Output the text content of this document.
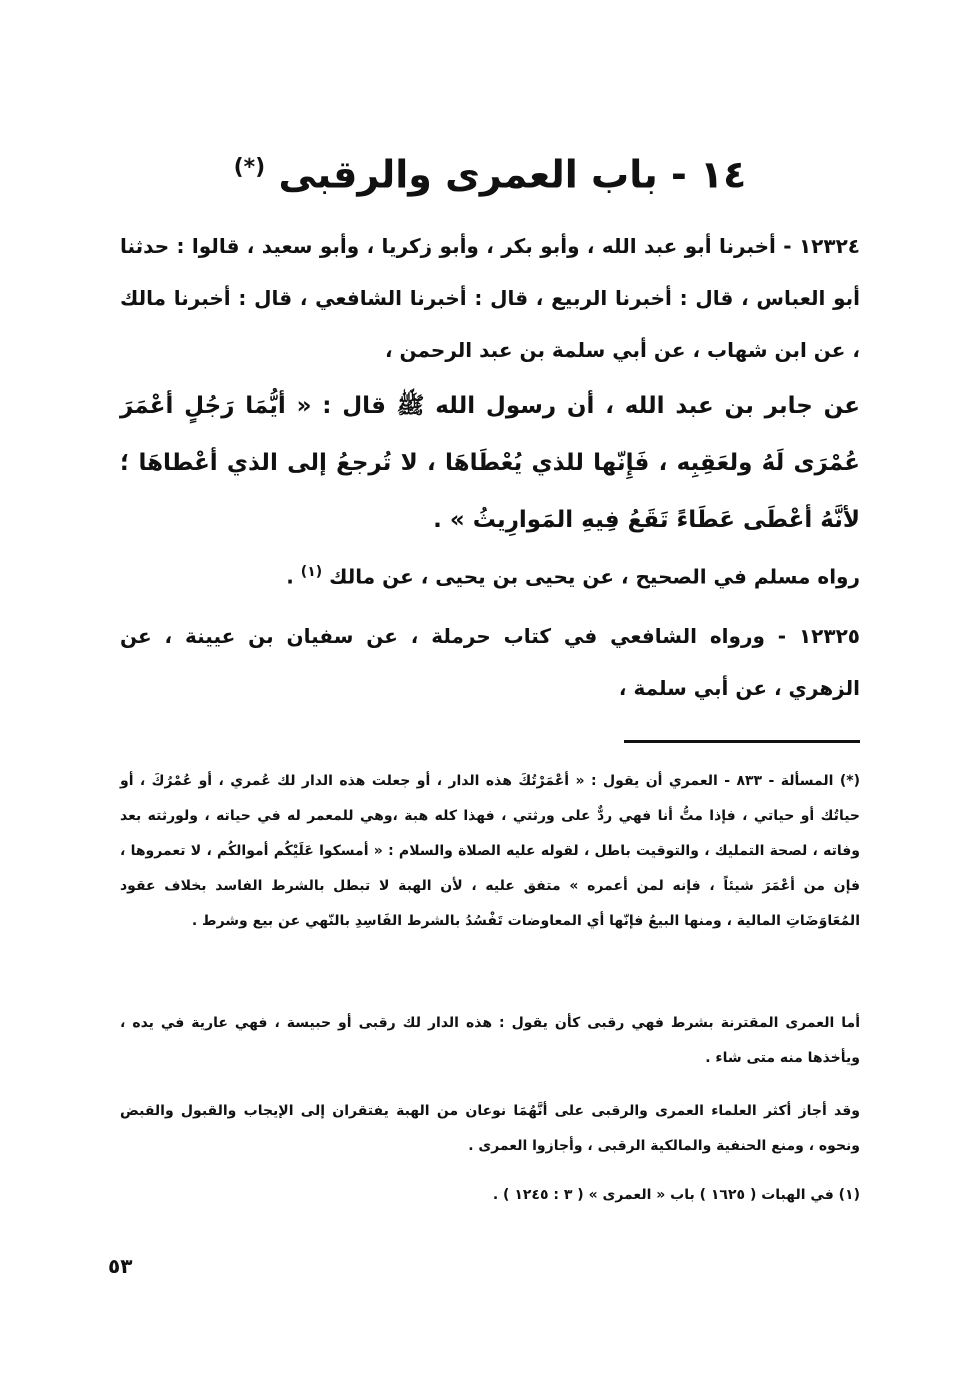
١٤ - باب العمرى والرقبى (*)

١٢٣٢٤ - أخبرنا أبو عبد الله ، وأبو بكر ، وأبو زكريا ، وأبو سعيد ، قالوا : حدثنا أبو العباس ، قال : أخبرنا الربيع ، قال : أخبرنا الشافعي ، قال : أخبرنا مالك ، عن ابن شهاب ، عن أبي سلمة بن عبد الرحمن ،

عن جابر بن عبد الله ، أن رسول الله ﷺ قال : « أيُّمَا رَجُلٍ أعْمَرَ عُمْرَى لَهُ ولعَقِبِه ، فَإِنّها للذي يُعْطَاهَا ، لا تُرجعُ إلى الذي أعْطاهَا ؛ لأنَّهُ أعْطَى عَطَاءً تَقَعُ فِيهِ المَوارِيثُ » .

رواه مسلم في الصحيح ، عن يحيى بن يحيى ، عن مالك $^{(١)}$ .

١٢٣٢٥ - ورواه الشافعي في كتاب حرملة ، عن سفيان بن عيينة ، عن الزهري ، عن أبي سلمة ،

(*) المسألة - ٨٣٣ - العمري أن يقول : « أعْمَرْتُكَ هذه الدار ، أو جعلت هذه الدار لك عُمري ، أو عُمْرُكَ ، أو حياتُك أو حياتي ، فإذا متُّ أنا فهي ردٌّ على ورثتي ، فهذا كله هبة ،وهي للمعمر له في حياته ، ولورثته بعد وفاته ، لصحة التمليك ، والتوقيت باطل ، لقوله عليه الصلاة والسلام : « أمسكوا عَلَيْكُم أموالكُم ، لا تعمروها ، فإن من أعْمَرَ شيئاً ، فإنه لمن أعمره » متفق عليه ، لأن الهبة لا تبطل بالشرط الفاسد بخلاف عقود المُعَاوَضَاتِ المالية ، ومنها البيعُ فإنّها أي المعاوضات تَفْسُدُ بالشرط الفَاسِدِ بالنّهي عن بيع وشرط .

أما العمرى المقترنة بشرط فهي رقبى كأن يقول : هذه الدار لك رقبى أو حبيسة ، فهي عارية في يده ، ويأخذها منه متى شاء .

وقد أجاز أكثر العلماء العمرى والرقبى على أنَّهُمَا نوعان من الهبة يفتقران إلى الإيجاب والقبول والقبض ونحوه ، ومنع الحنفية والمالكية الرقبى ، وأجازوا العمرى .

(١) في الهبات ( ١٦٢٥ ) باب « العمرى » ( ٣ : ١٢٤٥ ) .

٥٣
